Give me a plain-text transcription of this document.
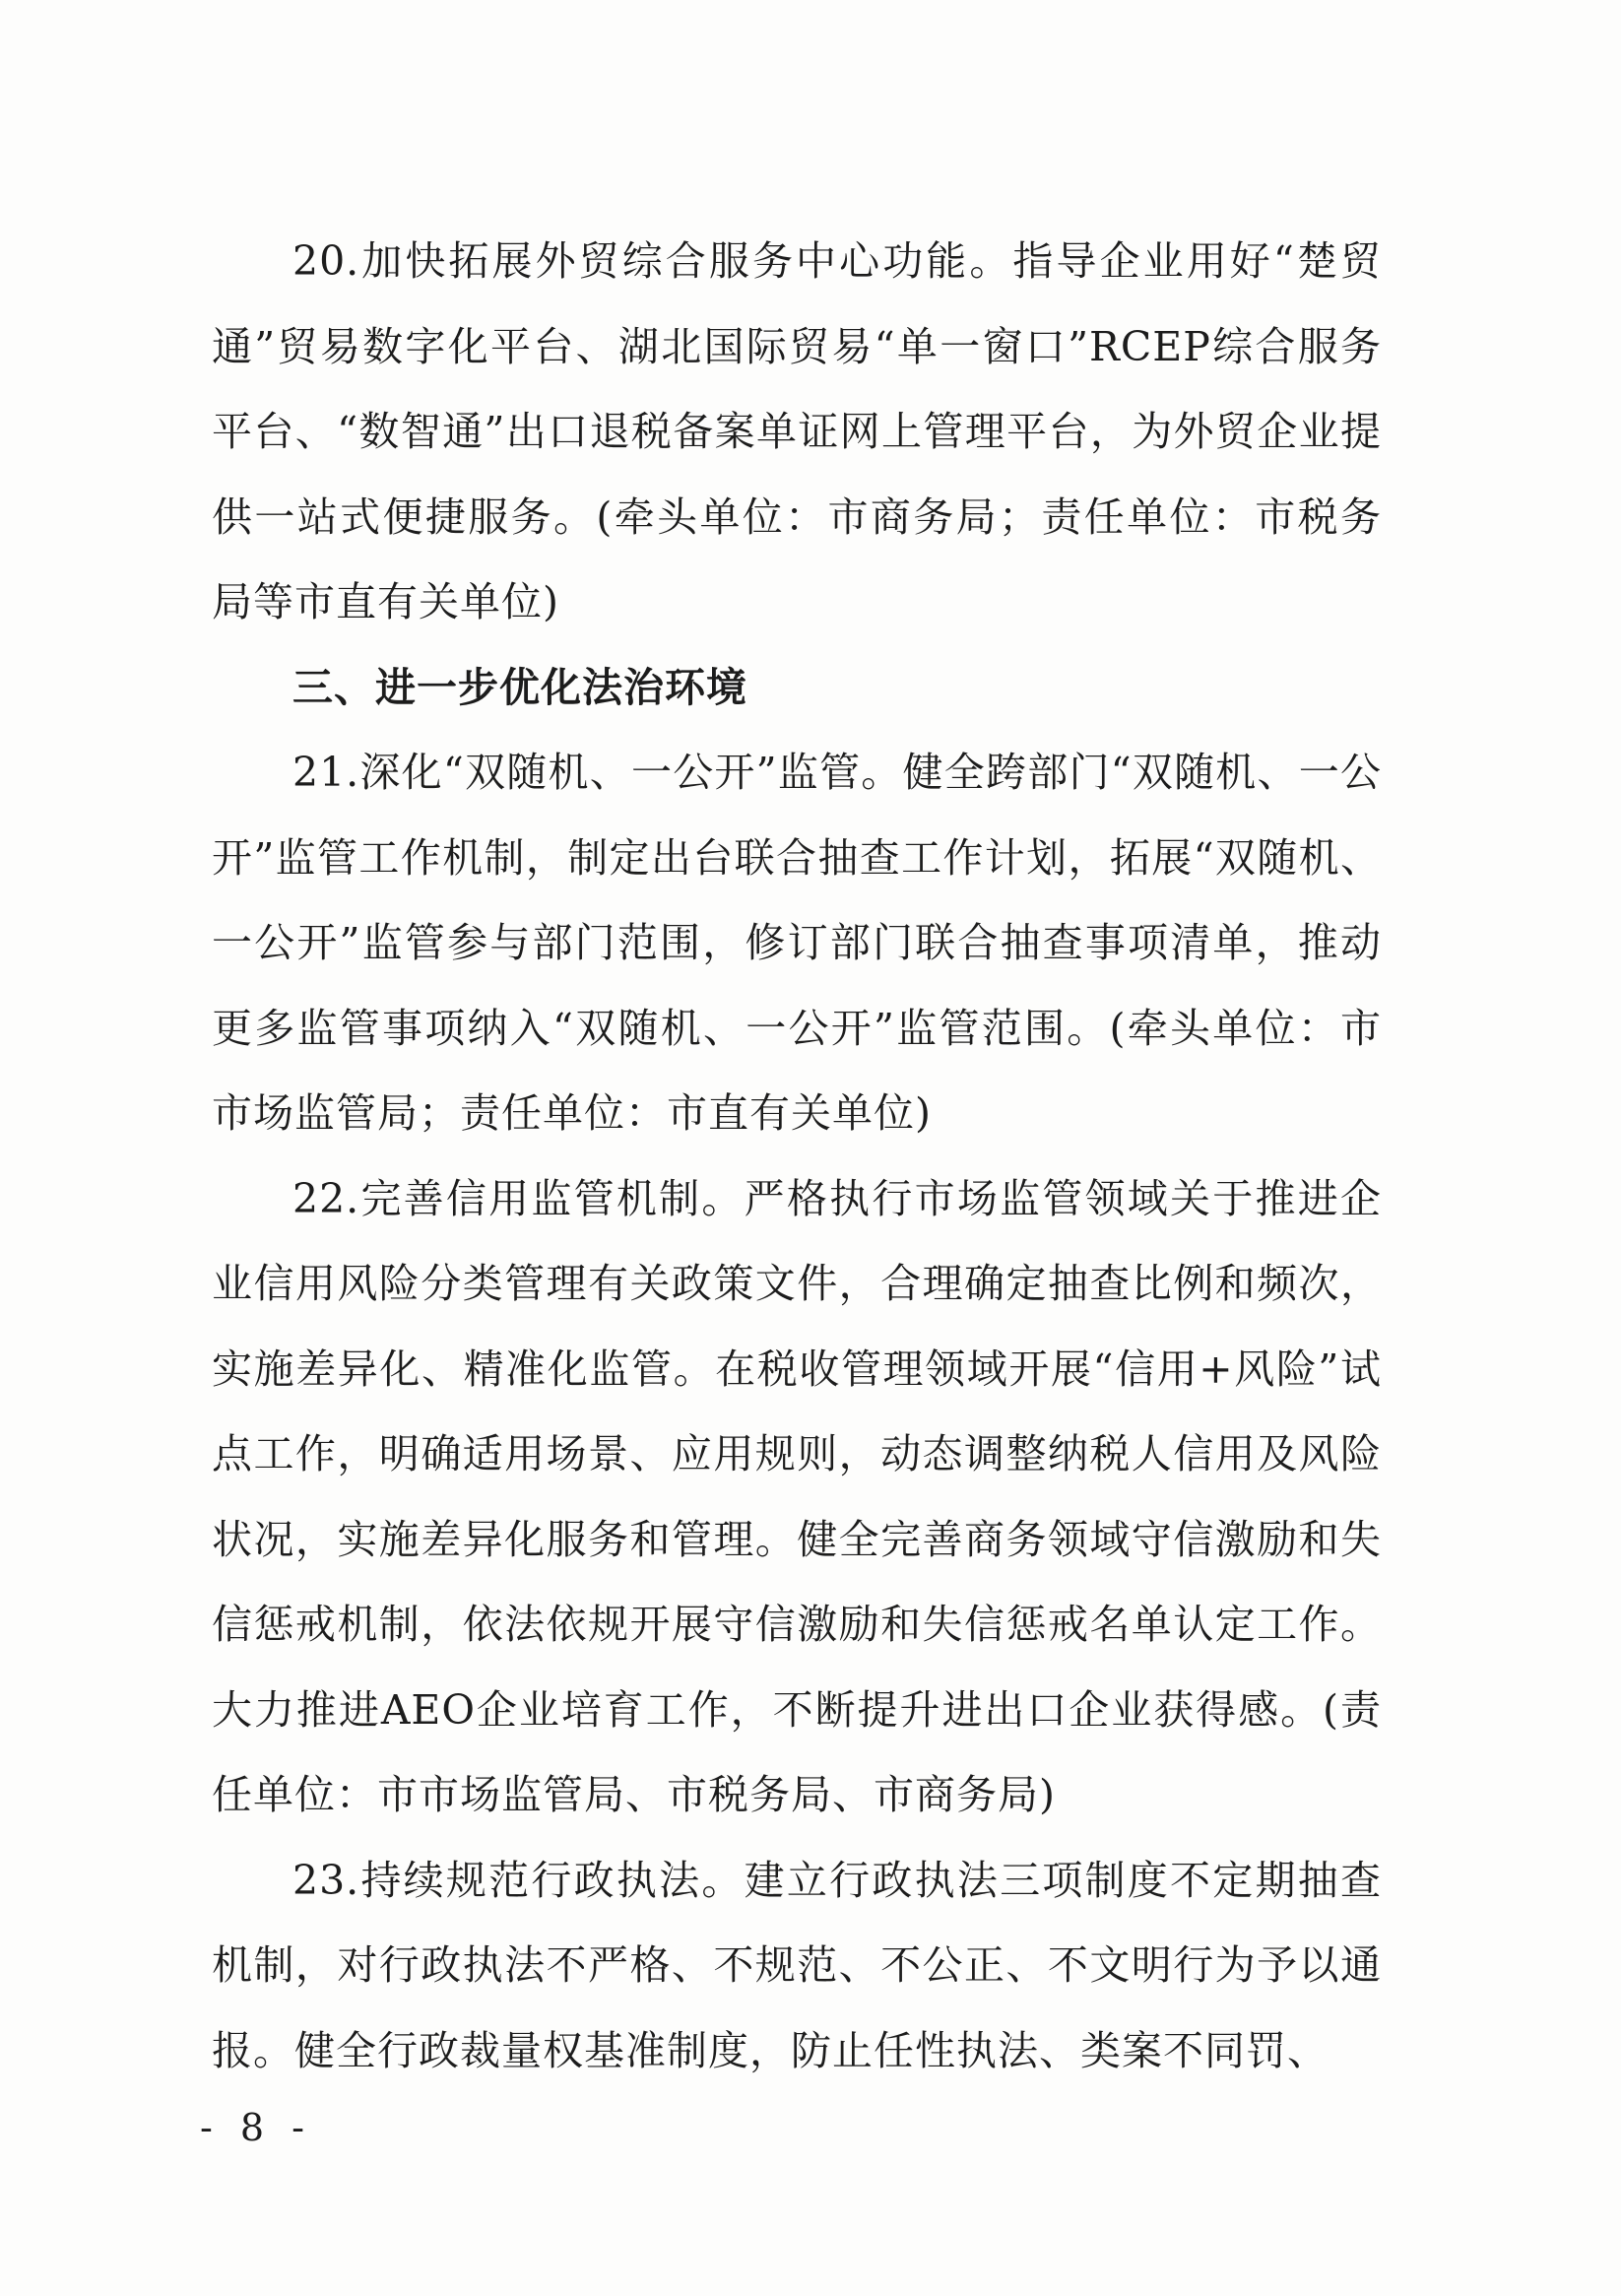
20.加快拓展外贸综合服务中心功能。指导企业用好“楚贸通”贸易数字化平台、湖北国际贸易“单一窗口”RCEP综合服务平台、“数智通”出口退税备案单证网上管理平台，为外贸企业提供一站式便捷服务。(牵头单位：市商务局；责任单位：市税务局等市直有关单位)

三、进一步优化法治环境

21.深化“双随机、一公开”监管。健全跨部门“双随机、一公开”监管工作机制，制定出台联合抽查工作计划，拓展“双随机、一公开”监管参与部门范围，修订部门联合抽查事项清单，推动更多监管事项纳入“双随机、一公开”监管范围。(牵头单位：市市场监管局；责任单位：市直有关单位)

22.完善信用监管机制。严格执行市场监管领域关于推进企业信用风险分类管理有关政策文件，合理确定抽查比例和频次，实施差异化、精准化监管。在税收管理领域开展“信用+风险”试点工作，明确适用场景、应用规则，动态调整纳税人信用及风险状况，实施差异化服务和管理。健全完善商务领域守信激励和失信惩戒机制，依法依规开展守信激励和失信惩戒名单认定工作。大力推进AEO企业培育工作，不断提升进出口企业获得感。(责任单位：市市场监管局、市税务局、市商务局)

23.持续规范行政执法。建立行政执法三项制度不定期抽查机制，对行政执法不严格、不规范、不公正、不文明行为予以通报。健全行政裁量权基准制度，防止任性执法、类案不同罚、

- 8 -
